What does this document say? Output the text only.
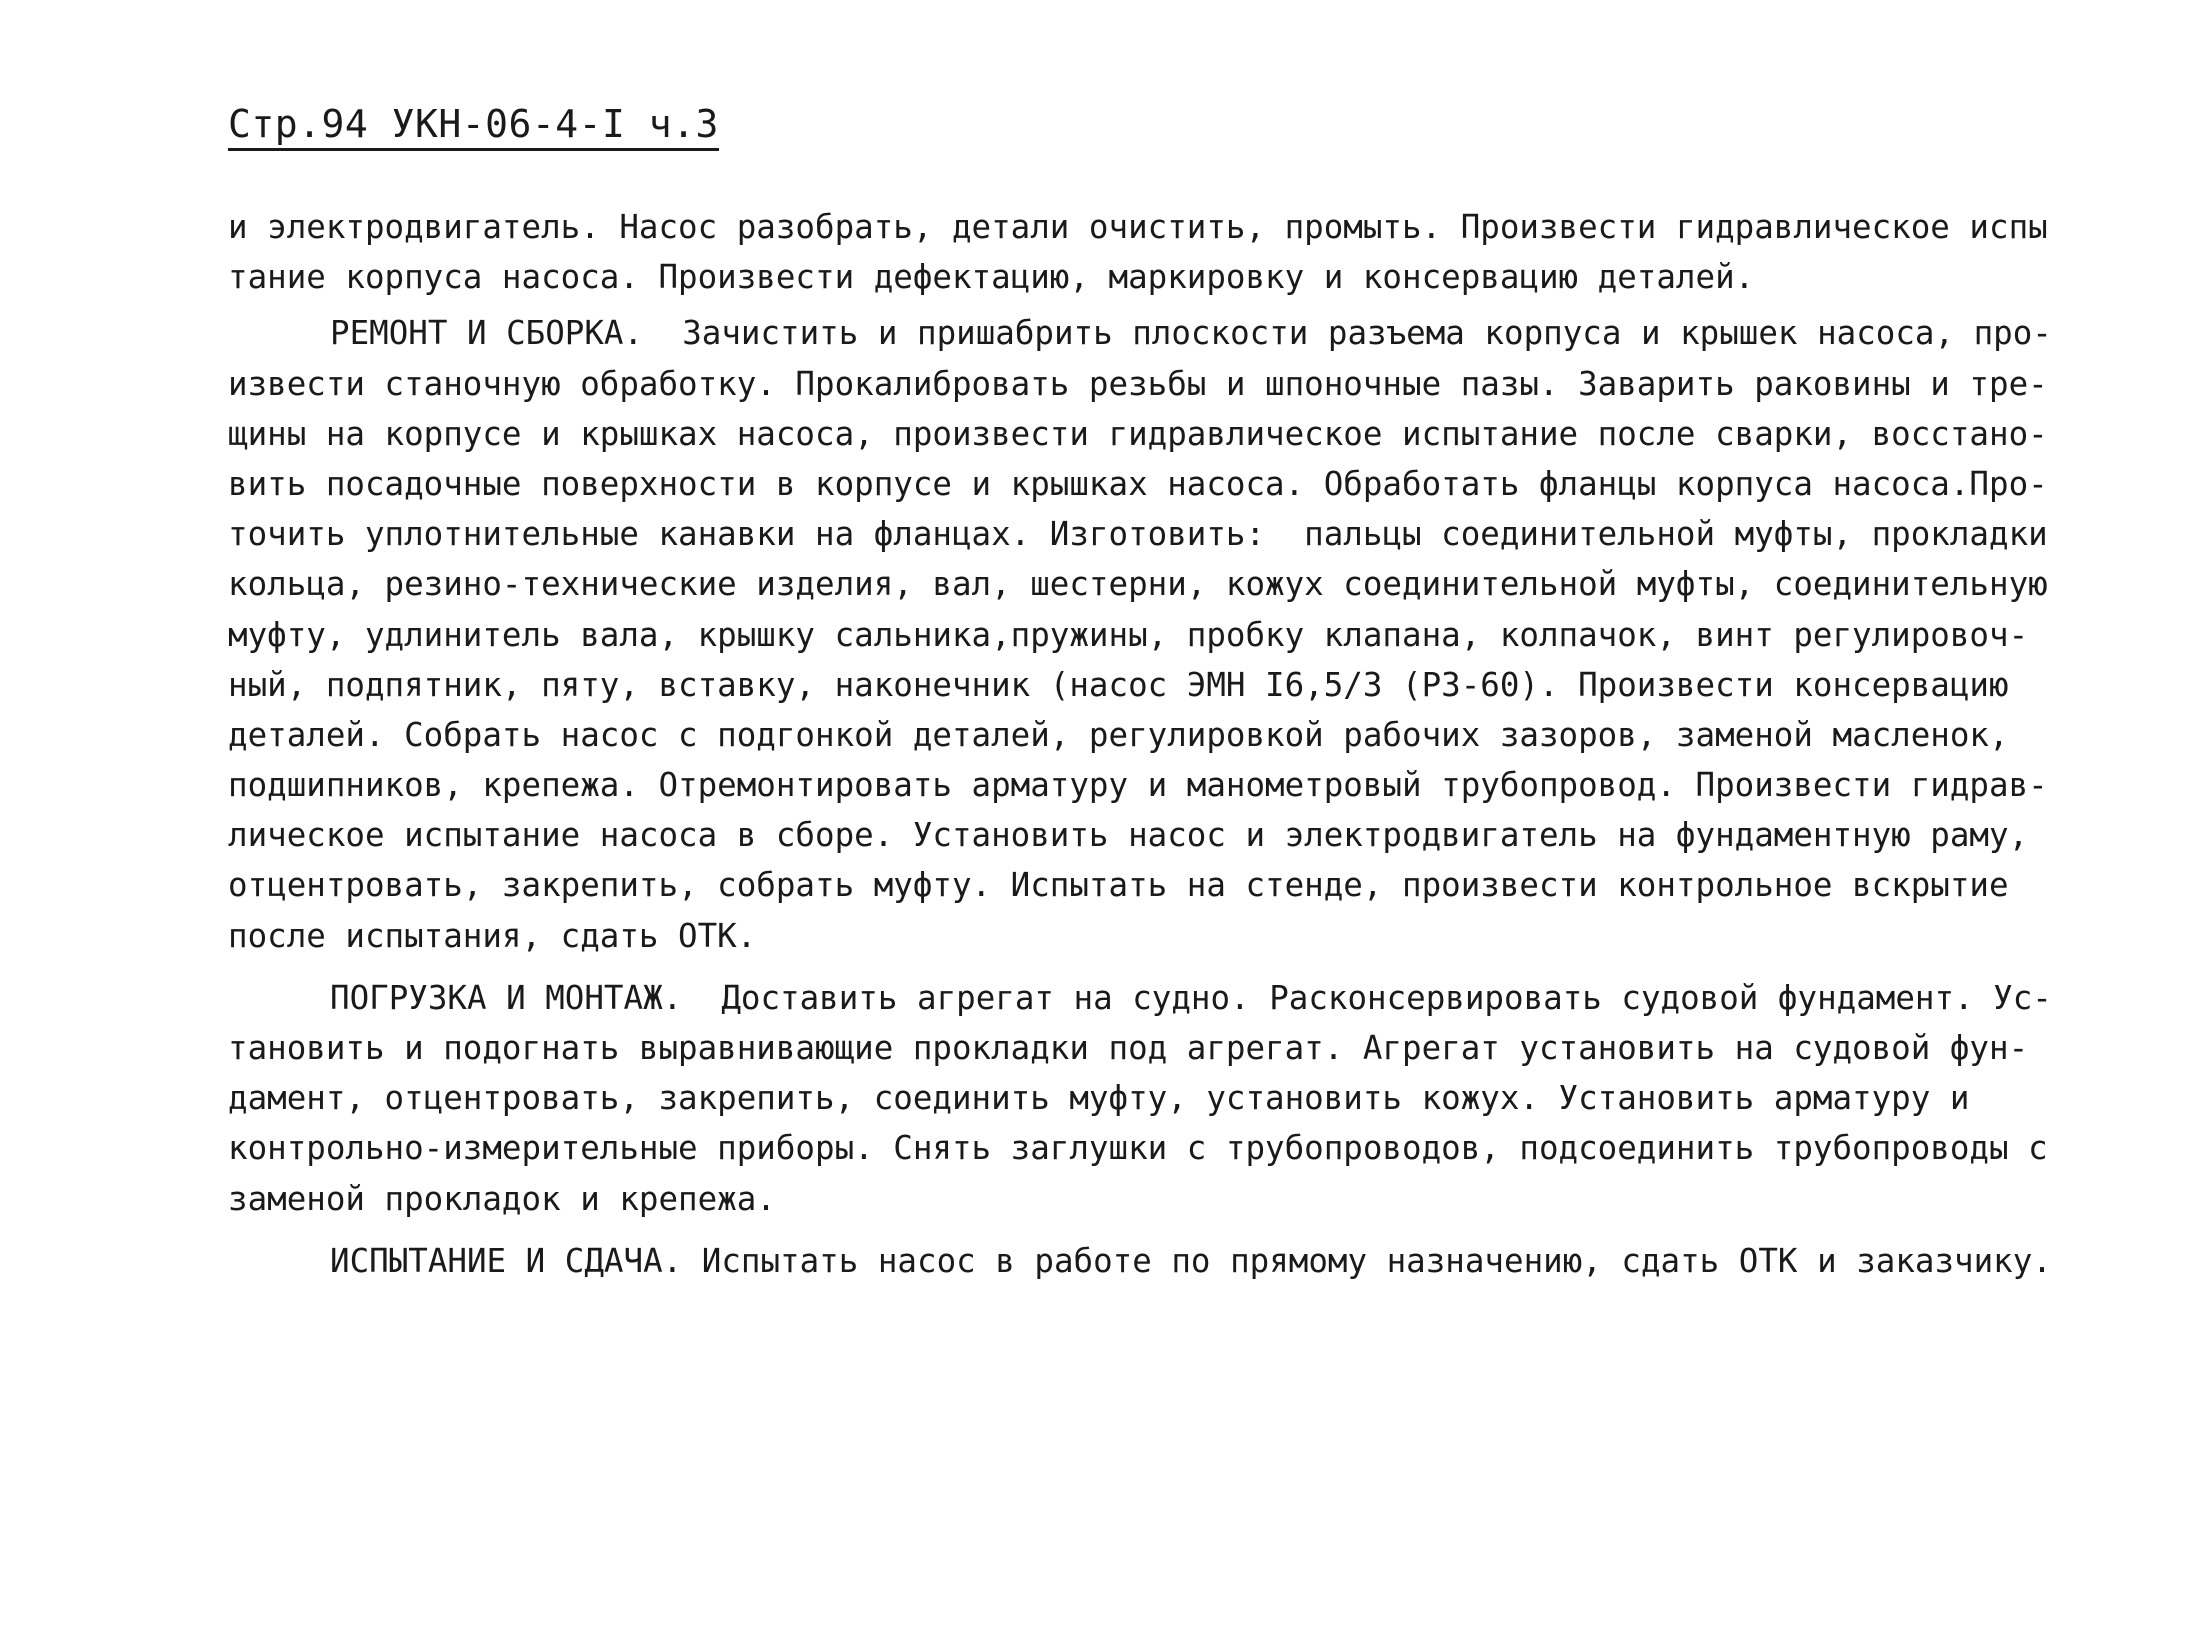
Стр.94 УКН-06-4-I ч.3
и электродвигатель. Насос разобрать, детали очистить, промыть. Произвести гидравлическое испы
тание корпуса насоса. Произвести дефектацию, маркировку и консервацию деталей.
РЕМОНТ И СБОРКА.  Зачистить и пришабрить плоскости разъема корпуса и крышек насоса, про-
извести станочную обработку. Прокалибровать резьбы и шпоночные пазы. Заварить раковины и тре-
щины на корпусе и крышках насоса, произвести гидравлическое испытание после сварки, восстано-
вить посадочные поверхности в корпусе и крышках насоса. Обработать фланцы корпуса насоса.Про-
точить уплотнительные канавки на фланцах. Изготовить:  пальцы соединительной муфты, прокладки
кольца, резино-технические изделия, вал, шестерни, кожух соединительной муфты, соединительную
муфту, удлинитель вала, крышку сальника,пружины, пробку клапана, колпачок, винт регулировоч-
ный, подпятник, пяту, вставку, наконечник (насос ЭМН I6,5/3 (РЗ-60). Произвести консервацию
деталей. Собрать насос с подгонкой деталей, регулировкой рабочих зазоров, заменой масленок,
подшипников, крепежа. Отремонтировать арматуру и манометровый трубопровод. Произвести гидрав-
лическое испытание насоса в сборе. Установить насос и электродвигатель на фундаментную раму,
отцентровать, закрепить, собрать муфту. Испытать на стенде, произвести контрольное вскрытие
после испытания, сдать ОТК.
ПОГРУЗКА И МОНТАЖ.  Доставить агрегат на судно. Расконсервировать судовой фундамент. Ус-
тановить и подогнать выравнивающие прокладки под агрегат. Агрегат установить на судовой фун-
дамент, отцентровать, закрепить, соединить муфту, установить кожух. Установить арматуру и
контрольно-измерительные приборы. Снять заглушки с трубопроводов, подсоединить трубопроводы с
заменой прокладок и крепежа.
ИСПЫТАНИЕ И СДАЧА. Испытать насос в работе по прямому назначению, сдать ОТК и заказчику.
